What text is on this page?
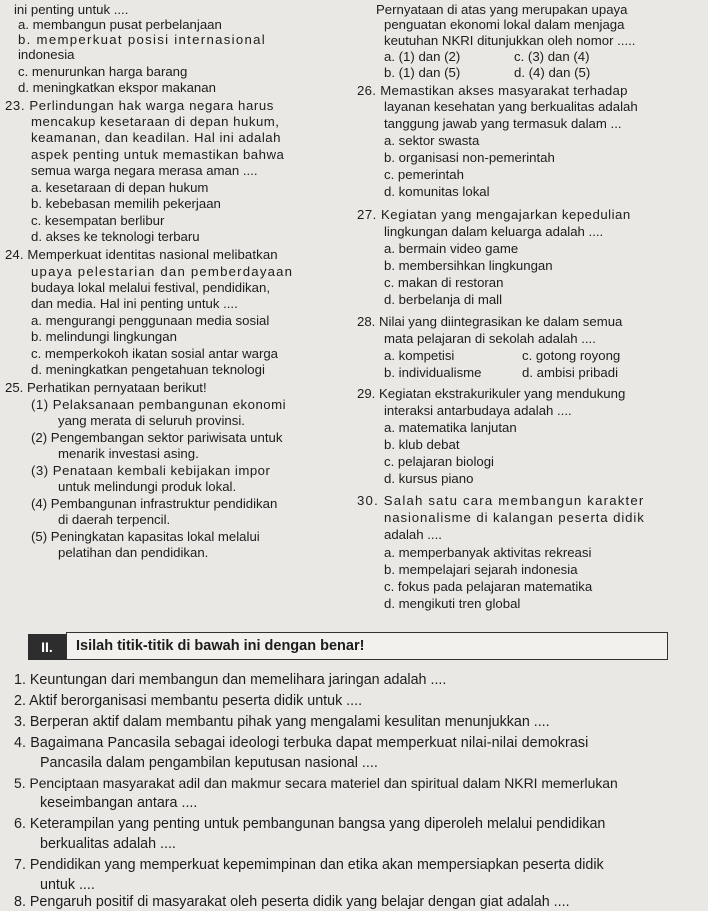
ini penting untuk ....
a. membangun pusat perbelanjaan
b. memperkuat posisi internasional
indonesia
c. menurunkan harga barang
d. meningkatkan ekspor makanan
23. Perlindungan hak warga negara harus
mencakup kesetaraan di depan hukum,
keamanan, dan keadilan. Hal ini adalah
aspek penting untuk memastikan bahwa
semua warga negara merasa aman ....
a. kesetaraan di depan hukum
b. kebebasan memilih pekerjaan
c. kesempatan berlibur
d. akses ke teknologi terbaru
24. Memperkuat identitas nasional melibatkan
upaya pelestarian dan pemberdayaan
budaya lokal melalui festival, pendidikan,
dan media. Hal ini penting untuk ....
a. mengurangi penggunaan media sosial
b. melindungi lingkungan
c. memperkokoh ikatan sosial antar warga
d. meningkatkan pengetahuan teknologi
25. Perhatikan pernyataan berikut!
(1) Pelaksanaan pembangunan ekonomi
yang merata di seluruh provinsi.
(2) Pengembangan sektor pariwisata untuk
menarik investasi asing.
(3) Penataan kembali kebijakan impor
untuk melindungi produk lokal.
(4) Pembangunan infrastruktur pendidikan
di daerah terpencil.
(5) Peningkatan kapasitas lokal melalui
pelatihan dan pendidikan.
Pernyataan di atas yang merupakan upaya
penguatan ekonomi lokal dalam menjaga
keutuhan NKRI ditunjukkan oleh nomor .....
a. (1) dan (2)	c. (3) dan (4)
b. (1) dan (5)	d. (4) dan (5)
26. Memastikan akses masyarakat terhadap
layanan kesehatan yang berkualitas adalah
tanggung jawab yang termasuk dalam ...
a. sektor swasta
b. organisasi non-pemerintah
c. pemerintah
d. komunitas lokal
27. Kegiatan yang mengajarkan kepedulian
lingkungan dalam keluarga adalah ....
a. bermain video game
b. membersihkan lingkungan
c. makan di restoran
d. berbelanja di mall
28. Nilai yang diintegrasikan ke dalam semua
mata pelajaran di sekolah adalah ....
a. kompetisi	c. gotong royong
b. individualisme	d. ambisi pribadi
29. Kegiatan ekstrakurikuler yang mendukung
interaksi antarbudaya adalah ....
a. matematika lanjutan
b. klub debat
c. pelajaran biologi
d. kursus piano
30. Salah satu cara membangun karakter
nasionalisme di kalangan peserta didik
adalah ....
a. memperbanyak aktivitas rekreasi
b. mempelajari sejarah indonesia
c. fokus pada pelajaran matematika
d. mengikuti tren global
II.	Isilah titik-titik di bawah ini dengan benar!
1. Keuntungan dari membangun dan memelihara jaringan adalah ....
2. Aktif berorganisasi membantu peserta didik untuk ....
3. Berperan aktif dalam membantu pihak yang mengalami kesulitan menunjukkan ....
4. Bagaimana Pancasila sebagai ideologi terbuka dapat memperkuat nilai-nilai demokrasi
Pancasila dalam pengambilan keputusan nasional ....
5. Penciptaan masyarakat adil dan makmur secara materiel dan spiritual dalam NKRI memerlukan
keseimbangan antara ....
6. Keterampilan yang penting untuk pembangunan bangsa yang diperoleh melalui pendidikan
berkualitas adalah ....
7. Pendidikan yang memperkuat kepemimpinan dan etika akan mempersiapkan peserta didik
untuk ....
8. Pengaruh positif di masyarakat oleh peserta didik yang belajar dengan giat adalah ....
